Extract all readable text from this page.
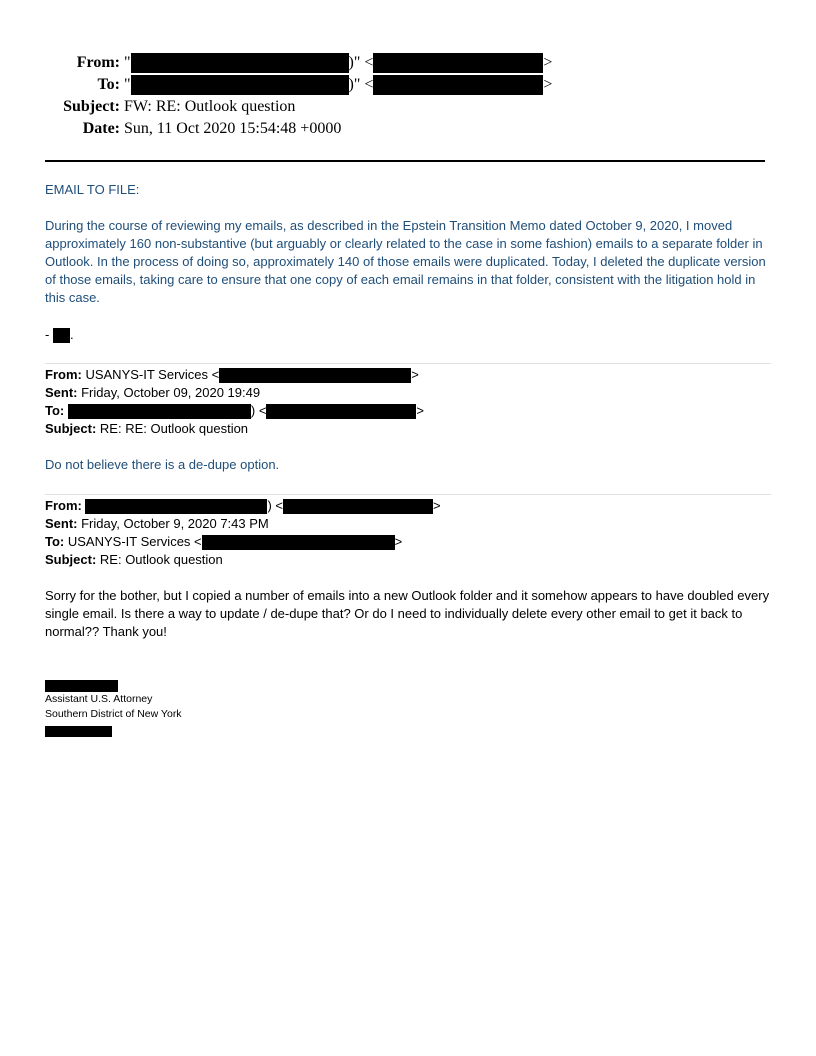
From: "	)" <	>
To: "	)" <	>
Subject: FW: RE: Outlook question
Date: Sun, 11 Oct 2020 15:54:48 +0000
EMAIL TO FILE:
During the course of reviewing my emails, as described in the Epstein Transition Memo dated October 9, 2020, I moved approximately 160 non-substantive (but arguably or clearly related to the case in some fashion) emails to a separate folder in Outlook. In the process of doing so, approximately 140 of those emails were duplicated. Today, I deleted the duplicate version of those emails, taking care to ensure that one copy of each email remains in that folder, consistent with the litigation hold in this case.
- .
From: USANYS-IT Services <	>
Sent: Friday, October 09, 2020 19:49
To:	) <	>
Subject: RE: RE: Outlook question
Do not believe there is a de-dupe option.
From:	) <	>
Sent: Friday, October 9, 2020 7:43 PM
To: USANYS-IT Services <	>
Subject: RE: Outlook question
Sorry for the bother, but I copied a number of emails into a new Outlook folder and it somehow appears to have doubled every single email. Is there a way to update / de-dupe that? Or do I need to individually delete every other email to get it back to normal?? Thank you!
Assistant U.S. Attorney
Southern District of New York
